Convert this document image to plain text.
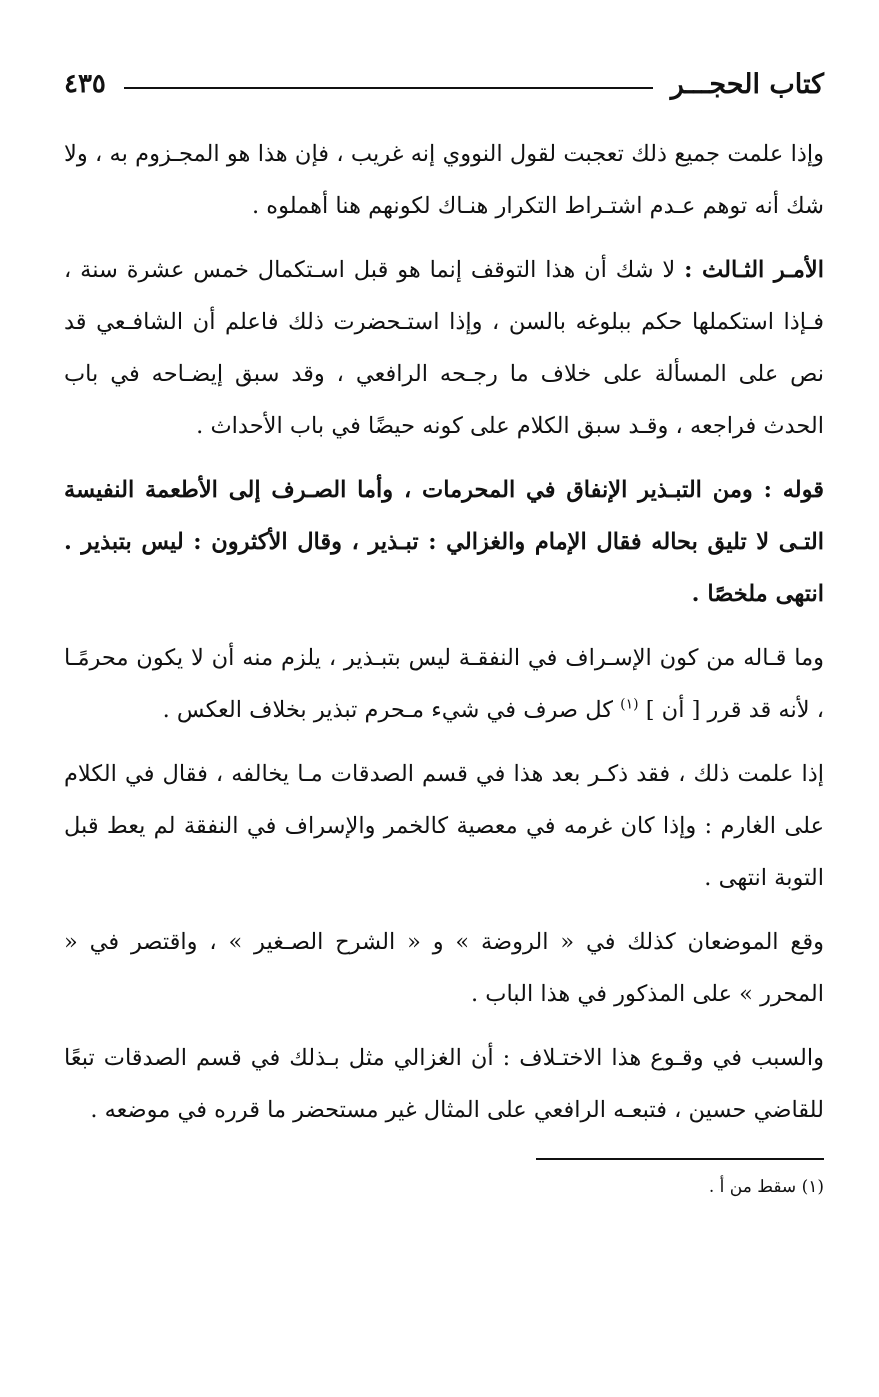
كتاب الحجـــر
٤٣٥

وإذا علمت جميع ذلك تعجبت لقول النووي إنه غريب ، فإن هذا هو المجـزوم به ، ولا شك أنه توهم عـدم اشتـراط التكرار هنـاك لكونهم هنا أهملوه .

الأمـر الثـالث : لا شك أن هذا التوقف إنما هو قبل اسـتكمال خمس عشرة سنة ، فـإذا استكملها حكم ببلوغه بالسن ، وإذا استـحضرت ذلك فاعلم أن الشافـعي قد نص على المسألة على خلاف ما رجـحه الرافعي ، وقد سبق إيضـاحه في باب الحدث فراجعه ، وقـد سبق الكلام على كونه حيضًا في باب الأحداث .

قوله : ومن التبـذير الإنفاق في المحرمات ، وأما الصـرف إلى الأطعمة النفيسة التـى لا تليق بحاله فقال الإمام والغزالي : تبـذير ، وقال الأكثرون : ليس بتبذير . انتهى ملخصًا .

وما قـاله من كون الإسـراف في النفقـة ليس بتبـذير ، يلزم منه أن لا يكون محرمًـا ، لأنه قد قرر [ أن ] $^{(١)}$ كل صرف في شيء مـحرم تبذير بخلاف العكس .

إذا علمت ذلك ، فقد ذكـر بعد هذا في قسم الصدقات مـا يخالفه ، فقال في الكلام على الغارم : وإذا كان غرمه في معصية كالخمر والإسراف في النفقة لم يعط قبل التوبة انتهى .

وقع الموضعان كذلك في « الروضة » و « الشرح الصـغير » ، واقتصر في « المحرر » على المذكور في هذا الباب .

والسبب في وقـوع هذا الاختـلاف : أن الغزالي مثل بـذلك في قسم الصدقات تبعًا للقاضي حسين ، فتبعـه الرافعي على المثال غير مستحضر ما قرره في موضعه .

(١) سقط من أ .
